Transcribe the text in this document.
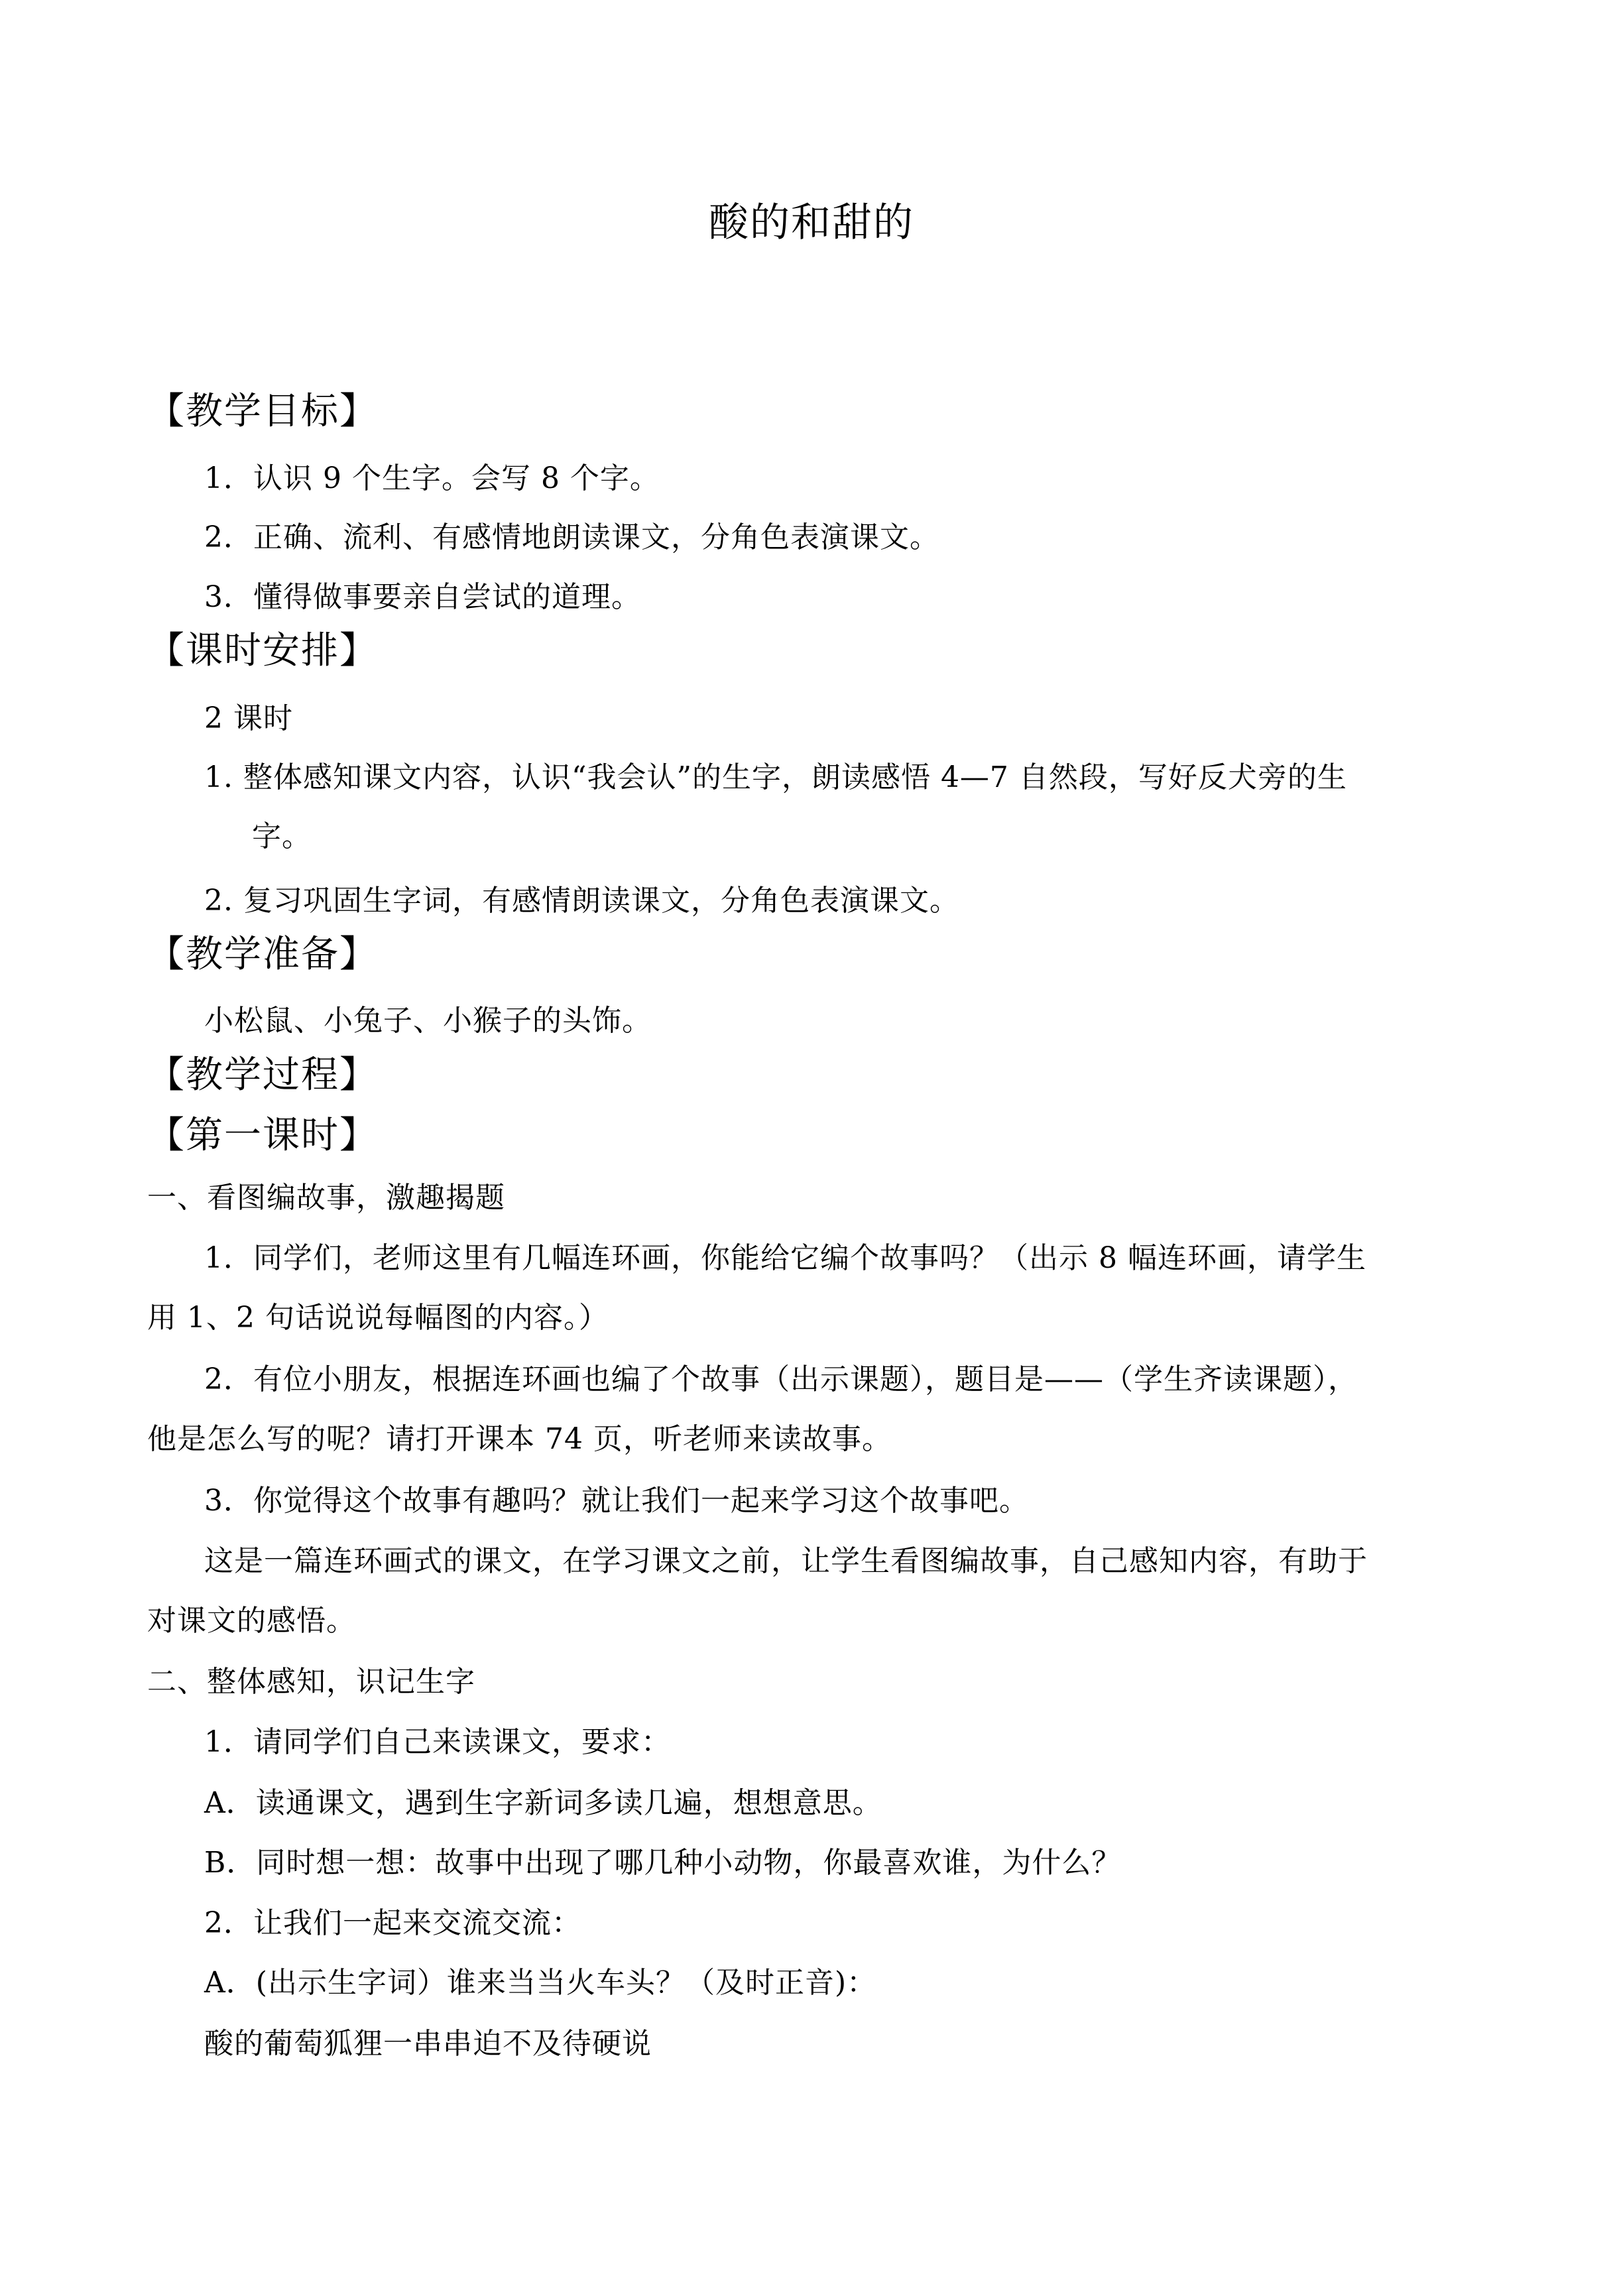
酸的和甜的
【教学目标】
1．认识 9 个生字。会写 8 个字。
2．正确、流利、有感情地朗读课文，分角色表演课文。
3．懂得做事要亲自尝试的道理。
【课时安排】
2 课时
1. 整体感知课文内容，认识“我会认”的生字，朗读感悟 4—7 自然段，写好反犬旁的生
字。
2. 复习巩固生字词，有感情朗读课文，分角色表演课文。
【教学准备】
小松鼠、小兔子、小猴子的头饰。
【教学过程】
【第一课时】
一、看图编故事，激趣揭题
1．同学们，老师这里有几幅连环画，你能给它编个故事吗？（出示 8 幅连环画，请学生
用 1、2 句话说说每幅图的内容。）
2．有位小朋友，根据连环画也编了个故事（出示课题），题目是——（学生齐读课题），
他是怎么写的呢？请打开课本 74 页，听老师来读故事。
3．你觉得这个故事有趣吗？就让我们一起来学习这个故事吧。
这是一篇连环画式的课文，在学习课文之前，让学生看图编故事，自己感知内容，有助于
对课文的感悟。
二、整体感知，识记生字
1．请同学们自己来读课文，要求：
A．读通课文，遇到生字新词多读几遍，想想意思。
B．同时想一想：故事中出现了哪几种小动物，你最喜欢谁，为什么？
2．让我们一起来交流交流：
A．(出示生字词）谁来当当火车头？（及时正音)：
酸的葡萄狐狸一串串迫不及待硬说
